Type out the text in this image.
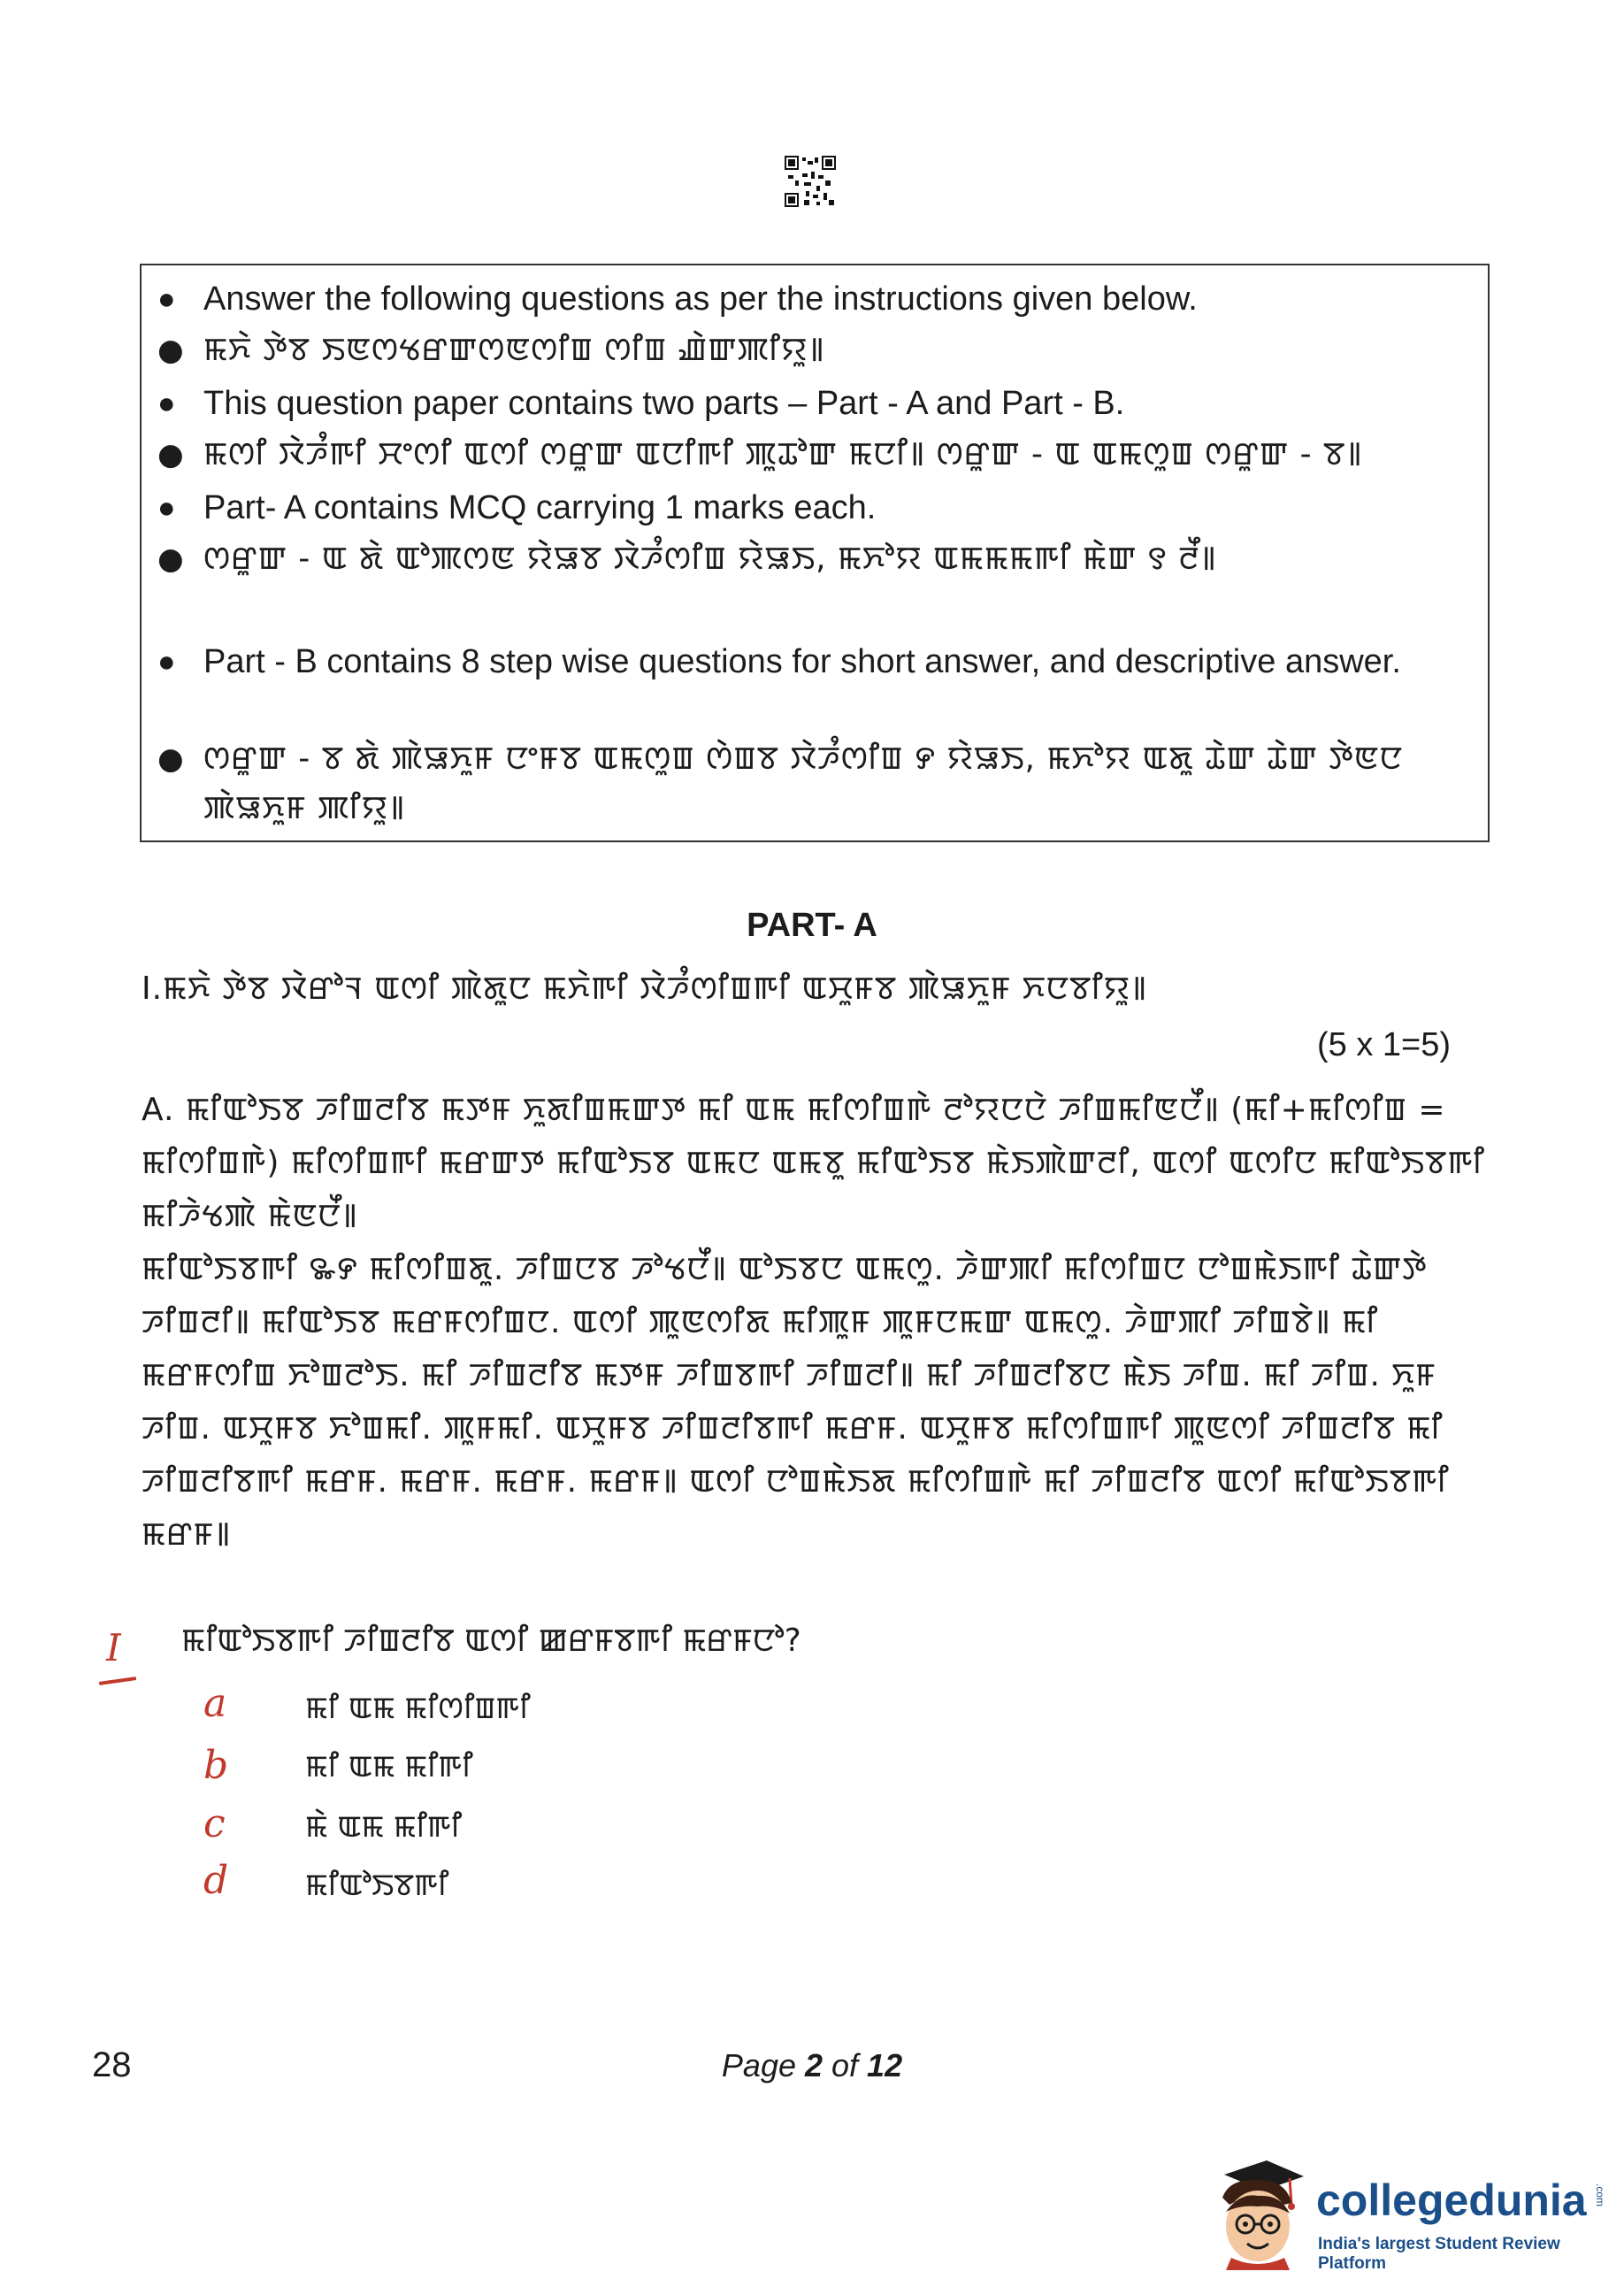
● Answer the following questions as per the instructions given below.
● ꯃꯈꯥ ꯇꯥꯕ ꯏꯟꯁꯠꯔꯛꯁꯟꯁꯤꯡ ꯁꯤꯡ ꯉꯥꯛꯄꯤꯌꯨ꯫
● This question paper contains two parts – Part - A and Part - B.
● ꯃꯁꯤ ꯋꯥꯍꯪꯒꯤ ꯆꯦꯁꯤ ꯑꯁꯤ ꯁꯔꯨꯛ ꯑꯅꯤꯒꯤ ꯄꯨꯊꯣꯛ ꯃꯅꯤ꯫ ꯁꯔꯨꯛ - ꯑ ꯑꯃꯁꯨꯡ ꯁꯔꯨꯛ - ꯕ꯫
● Part- A contains MCQ carrying 1 marks each.
● ꯁꯔꯨꯛ - ꯑ ꯗꯥ ꯑꯣꯄꯁꯟ ꯌꯥꯎꯕ ꯋꯥꯍꯪꯁꯤꯡ ꯌꯥꯎꯏ, ꯃꯈꯣꯌ ꯑꯃꯃꯃꯒꯤ ꯃꯥꯛ ꯱ ꯂꯩ꯫
● Part - B contains 8 step wise questions for short answer, and descriptive answer.
● ꯁꯔꯨꯛ - ꯕ ꯗꯥ ꯄꯥꯎꯈꯨꯝ ꯅꯦꯝꯕ ꯑꯃꯁꯨꯡ ꯁꯥꯡꯕ ꯋꯥꯍꯪꯁꯤꯡ ꯸ ꯌꯥꯎꯏ, ꯃꯈꯣꯌ ꯑꯗꯨ ꯊꯥꯛ ꯊꯥꯛ ꯇꯥꯟꯅ ꯄꯥꯎꯈꯨꯝ ꯄꯤꯌꯨ꯫
PART- A
I.ꯃꯈꯥ ꯇꯥꯕ ꯋꯥꯔꯣꯜ ꯑꯁꯤ ꯄꯥꯗꯨꯅ ꯃꯈꯥꯒꯤ ꯋꯥꯍꯪꯁꯤꯡꯒꯤ ꯑꯆꯨꯝꯕ ꯄꯥꯎꯈꯨꯝ ꯈꯅꯕꯤꯌꯨ꯫
(5 x 1=5)

A. ꯃꯤꯑꯣꯏꯕ ꯍꯤꯡꯂꯤꯕ ꯃꯇꯝ ꯈꯨꯗꯤꯡꯃꯛꯇ ꯃꯤ ꯑꯃ ꯃꯤꯁꯤꯡꯒꯥ ꯂꯣꯌꯅꯅꯥ ꯍꯤꯡꯃꯤꯟꯅꯩ꯫ (ꯃꯤ+ꯃꯤꯁꯤꯡ = ꯃꯤꯁꯤꯡꯒꯥ) ꯃꯤꯁꯤꯡꯒꯤ ꯃꯔꯛꯇ ꯃꯤꯑꯣꯏꯕ ꯑꯃꯅ ꯑꯃꯕꯨ ꯃꯤꯑꯣꯏꯕ ꯃꯥꯏꯄꯥꯛꯂꯤ, ꯑꯁꯤ ꯑꯁꯤꯅ ꯃꯤꯑꯣꯏꯕꯒꯤ ꯃꯤꯍꯥꯠꯄꯥ ꯃꯥꯟꯅꯩ꯫

ꯃꯤꯑꯣꯏꯕꯒꯤ ꯳꯸ ꯃꯤꯁꯤꯡꯗꯨ. ꯍꯤꯡꯅꯕ ꯍꯣꯠꯅꯩ꯫ ꯑꯣꯏꯕꯅ ꯑꯃꯁꯨ. ꯍꯥꯛꯄꯤ ꯃꯤꯁꯤꯡꯅ ꯅꯣꯡꯃꯥꯏꯒꯤ ꯊꯥꯛꯇꯥ ꯍꯤꯡꯂꯤ꯫ ꯃꯤꯑꯣꯏꯕ ꯃꯔꯝꯁꯤꯡꯅ. ꯑꯁꯤ ꯄꯨꯟꯁꯤꯗ ꯃꯤꯄꯨꯝ ꯄꯨꯝꯅꯃꯛ ꯑꯃꯁꯨ. ꯍꯥꯛꯄꯤ ꯍꯤꯡꯕꯥ꯫ ꯃꯤ ꯃꯔꯝꯁꯤꯡ ꯈꯣꯡꯂꯣꯏ. ꯃꯤ ꯍꯤꯡꯂꯤꯕ ꯃꯇꯝ ꯍꯤꯡꯕꯒꯤ ꯍꯤꯡꯂꯤ꯫ ꯃꯤ ꯍꯤꯡꯂꯤꯕꯅ ꯃꯥꯏ ꯍꯤꯡ. ꯃꯤ ꯍꯤꯡ. ꯈꯨꯝ ꯍꯤꯡ. ꯑꯆꯨꯝꯕ ꯈꯣꯡꯃꯤ. ꯄꯨꯝꯃꯤ. ꯑꯆꯨꯝꯕ ꯍꯤꯡꯂꯤꯕꯒꯤ ꯃꯔꯝ. ꯑꯆꯨꯝꯕ ꯃꯤꯁꯤꯡꯒꯤ ꯄꯨꯟꯁꯤ ꯍꯤꯡꯂꯤꯕ ꯃꯤ ꯍꯤꯡꯂꯤꯕꯒꯤ ꯃꯔꯝ. ꯃꯔꯝ. ꯃꯔꯝ. ꯃꯔꯝ꯫ ꯑꯁꯤ ꯅꯣꯡꯃꯥꯏꯗ ꯃꯤꯁꯤꯡꯒꯥ ꯃꯤ ꯍꯤꯡꯂꯤꯕ ꯑꯁꯤ ꯃꯤꯑꯣꯏꯕꯒꯤ ꯃꯔꯝ꯫

I ꯃꯤꯑꯣꯏꯕꯒꯤ ꯍꯤꯡꯂꯤꯕ ꯑꯁꯤ ꯀꯔꯝꯕꯒꯤ ꯃꯔꯝꯅꯣ?
a	ꯃꯤ ꯑꯃ ꯃꯤꯁꯤꯡꯒꯤ
b	ꯃꯤ ꯑꯃ ꯃꯤꯒꯤ
c	ꯃꯥ ꯑꯃ ꯃꯤꯒꯤ
d	ꯃꯤꯑꯣꯏꯕꯒꯤ
28	Page 2 of 12
collegedunia .com
India's largest Student Review Platform
